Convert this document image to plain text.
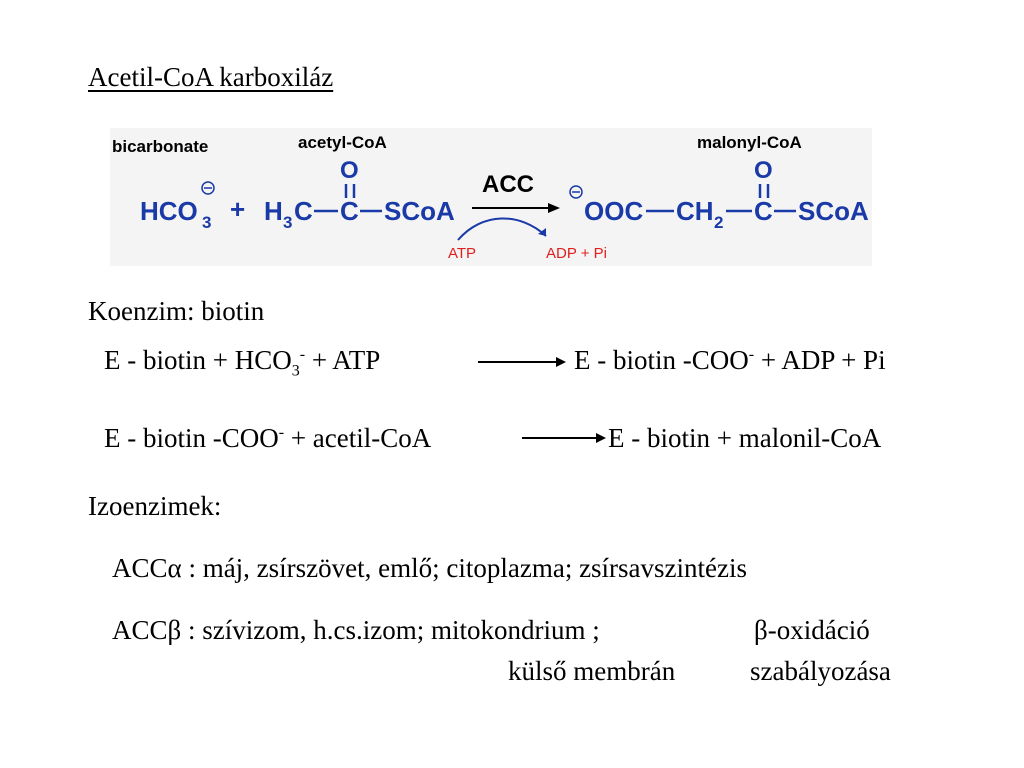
Acetil-CoA karboxiláz
bicarbonate	acetyl-CoA	malonyl-CoA
HCO 3 + H 3 C C
O
SCoA
ACC
ATP	ADP + Pi
OOC CH 2 C
O
SCoA
Koenzim: biotin
E - biotin + $HCO_3^-$ + ATP	E - biotin -COO- + ADP + Pi
E - biotin -COO- + acetil-CoA	E - biotin + malonil-CoA
Izoenzimek:
ACCα : máj, zsírszövet, emlő; citoplazma; zsírsavszintézis
ACCβ : szívizom, h.cs.izom; mitokondrium ;	β-oxidáció
külső membrán	szabályozása
